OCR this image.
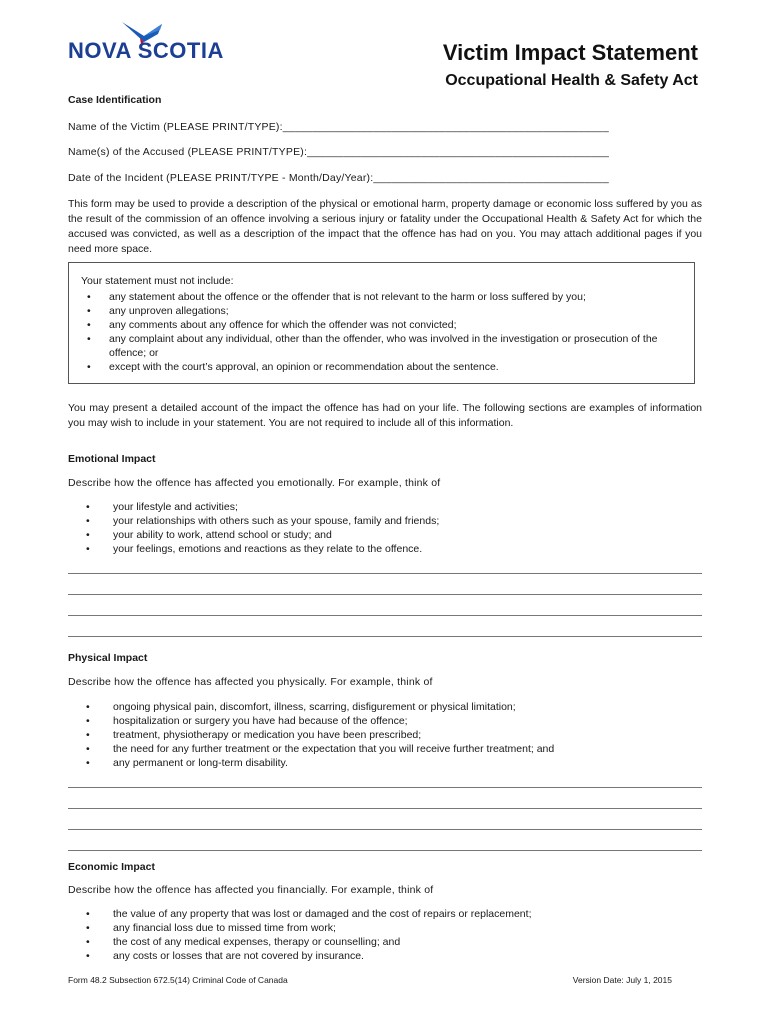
NOVA SCOTIA	Victim Impact Statement
Occupational Health & Safety Act
Case Identification
Name of the Victim (PLEASE PRINT/TYPE):______________________________________________________
Name(s) of the Accused (PLEASE PRINT/TYPE):__________________________________________________
Date of the Incident (PLEASE PRINT/TYPE - Month/Day/Year):_______________________________________

This form may be used to provide a description of the physical or emotional harm, property damage or economic loss suffered by you as the result of the commission of an offence involving a serious injury or fatality under the Occupational Health & Safety Act for which the accused was convicted, as well as a description of the impact that the offence has had on you. You may attach additional pages if you need more space.

Your statement must not include:

• any statement about the offence or the offender that is not relevant to the harm or loss suffered by you;
• any unproven allegations;
• any comments about any offence for which the offender was not convicted;
• any complaint about any individual, other than the offender, who was involved in the investigation or prosecution of the offence; or
• except with the court’s approval, an opinion or recommendation about the sentence.

You may present a detailed account of the impact the offence has had on your life. The following sections are examples of information you may wish to include in your statement. You are not required to include all of this information.

Emotional Impact
Describe how the offence has affected you emotionally. For example, think of
• your lifestyle and activities;
• your relationships with others such as your spouse, family and friends;
• your ability to work, attend school or study; and
• your feelings, emotions and reactions as they relate to the offence.
Physical Impact
Describe how the offence has affected you physically. For example, think of
• ongoing physical pain, discomfort, illness, scarring, disfigurement or physical limitation;
• hospitalization or surgery you have had because of the offence;
• treatment, physiotherapy or medication you have been prescribed;
• the need for any further treatment or the expectation that you will receive further treatment; and
• any permanent or long-term disability.
Economic Impact
Describe how the offence has affected you financially. For example, think of
• the value of any property that was lost or damaged and the cost of repairs or replacement;
• any financial loss due to missed time from work;
• the cost of any medical expenses, therapy or counselling; and
• any costs or losses that are not covered by insurance.
Form 48.2 Subsection 672.5(14) Criminal Code of Canada	Version Date: July 1, 2015
